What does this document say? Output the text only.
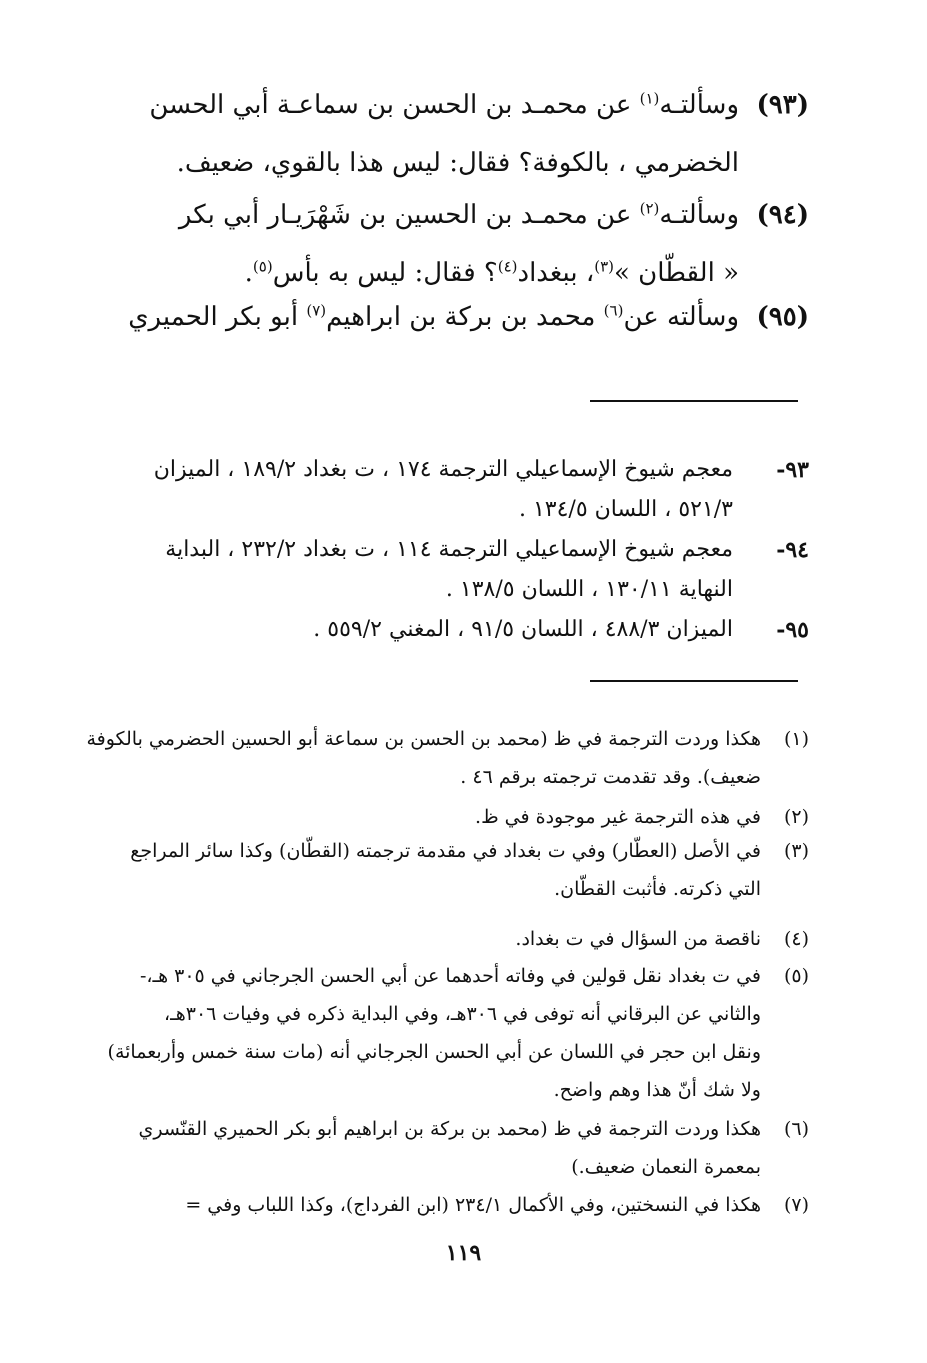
(٩٣)
وسألتـه$^{(١)}$ عن محمـد بن الحسن بن سماعـة أبي الحسن
الخضرمي ، بالكوفة؟ فقال: ليس هذا بالقوي، ضعيف.
(٩٤)
وسألتـه$^{(٢)}$ عن محمـد بن الحسين بن شَهْرَيـار أبي بكر
« القطّان »$^{(٣)}$، ببغداد$^{(٤)}$؟ فقال: ليس به بأس$^{(٥)}$.
(٩٥)
وسألته عن$^{(٦)}$ محمد بن بركة بن ابراهيم$^{(٧)}$ أبو بكر الحميري
٩٣-
معجم شيوخ الإسماعيلي الترجمة ١٧٤ ، ت بغداد ١٨٩/٢ ، الميزان
٥٢١/٣ ، اللسان ١٣٤/٥ .
٩٤-
معجم شيوخ الإسماعيلي الترجمة ١١٤ ، ت بغداد ٢٣٢/٢ ، البداية
النهاية ١٣٠/١١ ، اللسان ١٣٨/٥ .
٩٥-
الميزان ٤٨٨/٣ ، اللسان ٩١/٥ ، المغني ٥٥٩/٢ .
(١)
هكذا وردت الترجمة في ظ (محمد بن الحسن بن سماعة أبو الحسين الحضرمي بالكوفة
ضعيف). وقد تقدمت ترجمته برقم ٤٦ .
(٢)
في هذه الترجمة غير موجودة في ظ.
(٣)
في الأصل (العطّار) وفي ت بغداد في مقدمة ترجمته (القطّان) وكذا سائر المراجع
التي ذكرته. فأثبت القطّان.
(٤)
ناقصة من السؤال في ت بغداد.
(٥)
في ت بغداد نقل قولين في وفاته أحدهما عن أبي الحسن الجرجاني في ٣٠٥ هـ،-
والثاني عن البرقاني أنه توفى في ٣٠٦هـ، وفي البداية ذكره في وفيات ٣٠٦هـ،
ونقل ابن حجر في اللسان عن أبي الحسن الجرجاني أنه (مات سنة خمس وأربعمائة)
ولا شك أنّ هذا وهم واضح.
(٦)
هكذا وردت الترجمة في ظ (محمد بن بركة بن ابراهيم أبو بكر الحميري القنّسري
بمعمرة النعمان ضعيف.)
(٧)
هكذا في النسختين، وفي الأكمال ٢٣٤/١ (ابن الفرداج)، وكذا اللباب وفي =
١١٩
